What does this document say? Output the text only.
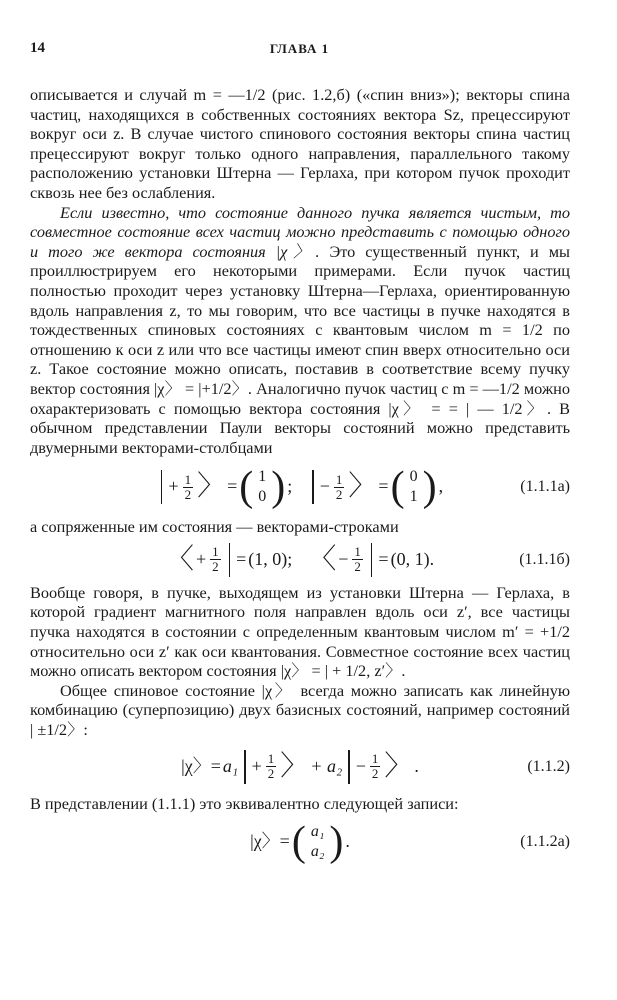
14	ГЛАВА 1

описывается и случай m = —1/2 (рис. 1.2,б) («спин вниз»); векторы спина частиц, находящихся в собственных состояниях вектора Sz, прецессируют вокруг оси z. В случае чистого спинового состояния векторы спина частиц прецессируют вокруг только одного направления, параллельного такому расположению установки Штерна — Герлаха, при котором пучок проходит сквозь нее без ослабления.

Если известно, что состояние данного пучка является чистым, то совместное состояние всех частиц можно представить с помощью одного и того же вектора состояния |χ〉. Это существенный пункт, и мы проиллюстрируем его некоторыми примерами. Если пучок частиц полностью проходит через установку Штерна—Герлаха, ориентированную вдоль направления z, то мы говорим, что все частицы в пучке находятся в тождественных спиновых состояниях с квантовым числом m = 1/2 по отношению к оси z или что все частицы имеют спин вверх относительно оси z. Такое состояние можно описать, поставив в соответствие всему пучку вектор состояния |χ〉 = |+1/2〉. Аналогично пучок частиц с m = —1/2 можно охарактеризовать с помощью вектора состояния |χ〉 = = | — 1/2〉. В обычном представлении Паули векторы состояний можно представить двумерными векторами-столбцами

+ $\frac{1}{2}$ 〉 = ( 1
0 ) ; − $\frac{1}{2}$ 〉 = ( 0
1 ) ,	(1.1.1а)

а сопряженные им состояния — векторами-строками

〈 + $\frac{1}{2} = (1$, 0); 〈 − $\frac{1}{2} = (0$, 1).	(1.1.1б)

Вообще говоря, в пучке, выходящем из установки Штерна — Герлаха, в которой градиент магнитного поля направлен вдоль оси z′, все частицы пучка находятся в состоянии с определенным квантовым числом m′ = +1/2 относительно оси z′ как оси квантования. Совместное состояние всех частиц можно описать вектором состояния |χ〉 = | + 1/2, z′〉.

Общее спиновое состояние |χ〉 всегда можно записать как линейную комбинацию (суперпозицию) двух базисных состояний, например состояний | ±1/2〉:

|χ〉= $a_1 + \frac{1}{2}$ 〉 + $a_2 - \frac{1}{2}$ 〉 .	(1.1.2)

В представлении (1.1.1) это эквивалентно следующей записи:

|χ〉= ( a₁
a₂ ) .	(1.1.2а)
